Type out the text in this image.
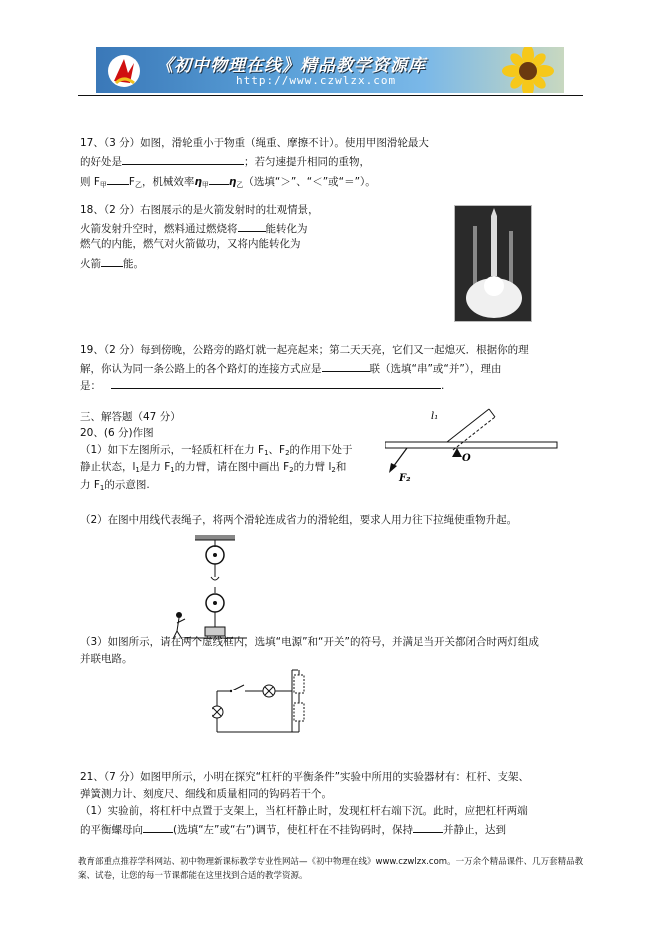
《初中物理在线》精品教学资源库
http://www.czwlzx.com
17、（3 分）如图，滑轮重小于物重（绳重、摩擦不计）。使用甲图滑轮最大
的好处是	；若匀速提升相同的重物，
则 $F_甲$ $F_乙$，机械效率$\eta_甲$ $\eta_乙$（选填“＞”、“＜”或“＝”）。
18、（2 分）右图展示的是火箭发射时的壮观情景，
火箭发射升空时，燃料通过燃烧将	能转化为
燃气的内能，燃气对火箭做功，又将内能转化为
火箭 能。
19、（2 分）每到傍晚，公路旁的路灯就一起亮起来；第二天天亮，它们又一起熄灭．根据你的理
解，你认为同一条公路上的各个路灯的连接方式应是	联（选填“串”或“并”），理由
是：	.
三、解答题（47 分）
20、(6 分)作图
（1）如下左图所示，一轻质杠杆在力 $F_1$、$F_2$的作用下处于
静止状态，$l_1$是力 $F_1$的力臂，请在图中画出 $F_2$的力臂 $l_2$和
力 $F_1$的示意图.
l₁
O
F₂
（2）在图中用线代表绳子，将两个滑轮连成省力的滑轮组，要求人用力往下拉绳使重物升起。
（3）如图所示，请在两个虚线框内，选填“电源”和“开关”的符号，并满足当开关都闭合时两灯组成
并联电路。
21、（7 分）如图甲所示，小明在探究“杠杆的平衡条件”实验中所用的实验器材有：杠杆、支架、
弹簧测力计、刻度尺、细线和质量相同的钩码若干个。
（1）实验前，将杠杆中点置于支架上，当杠杆静止时，发现杠杆右端下沉。此时，应把杠杆两端
的平衡螺母向	(选填“左”或“右”)调节，使杠杆在不挂钩码时，保持	并静止，达到
教育部重点推荐学科网站、初中物理新课标教学专业性网站—《初中物理在线》www.czwlzx.com。一万余个精品课件、几万套精品教案、试卷，让您的每一节课都能在这里找到合适的教学资源。
